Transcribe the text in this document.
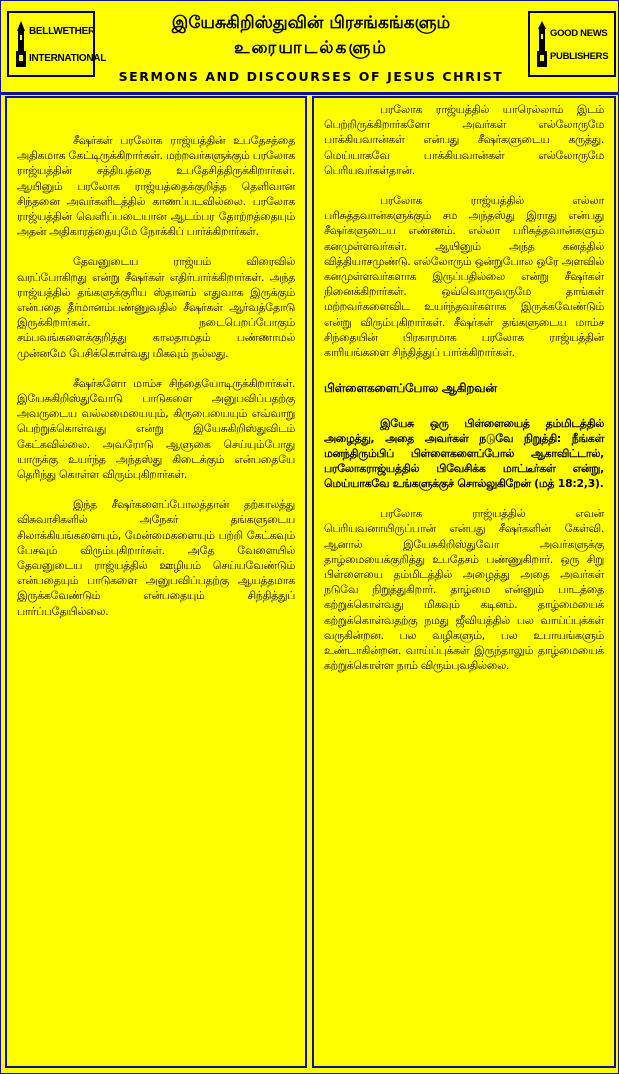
BELLWETHER
INTERNATIONAL
இயேசுகிறிஸ்துவின் பிரசங்கங்களும்
உரையாடல்களும்
SERMONS AND DISCOURSES OF JESUS CHRIST
GOOD NEWS
PUBLISHERS

சீஷர்கள் பரலோக ராஜ்யத்தின் உபதேசத்தை அதிகமாக கேட்டிருக்கிறார்கள். மற்றவர்களுக்கும் பரலோக ராஜ்யத்தின் சத்தியத்தை உபதேசித்திருக்கிறார்கள். ஆயினும் பரலோக ராஜ்யத்தைக்குறித்த தெளிவான சிந்தனை அவர்களிடத்தில் காணப்படவில்லை. பரலோக ராஜ்யத்தின் வெளிப்படையான ஆடம்பர தோற்றத்தையும் அதன் அதிகாரத்தையுமே நோக்கிப் பார்க்கிறார்கள்.

தேவனுடைய ராஜ்யம் விரைவில் வரப்போகிறது என்று சீஷர்கள் எதிர்பார்க்கிறார்கள். அந்த ராஜ்யத்தில் தங்களுக்குரிய ஸ்தானம் எதுவாக இருக்கும் என்பதை தீர்மானம்பண்ணுவதில் சீஷர்கள் ஆர்வத்தோடு இருக்கிறார்கள். நடைபெறப்போகும் சம்பவங்களைக்குறித்து காலதாமதம் பண்ணாமல் முன்னமே பேசிக்கொள்வது மிகவும் நல்லது.

சீஷர்களோ மாம்ச சிந்தையோடிருக்கிறார்கள். இயேசுகிறிஸ்துவோடு பாடுகளை அனுபவிப்பதற்கு அவருடைய வல்லமையையும், கிருபையையும் எவ்வாறு பெற்றுக்கொள்வது என்று இயேசுகிறிஸ்துவிடம் கேட்கவில்லை. அவரோடு ஆளுகை செய்யும்போது யாருக்கு உயர்ந்த அந்தஸ்து கிடைக்கும் என்பதையே தெரிந்து கொள்ள விரும்புகிறார்கள்.

இந்த சீஷர்களைப்போலத்தான் தற்காலத்து விசுவாசிகளில் அநேகர் தங்களுடைய சிலாக்கியங்களையும், மேன்மைகளையும் பற்றி கேட்கவும் பேசவும் விரும்புகிறார்கள். அதே வேளையில் தேவனுடைய ராஜ்யத்தில் ஊழியம் செய்யவேண்டும் என்பதையும் பாடுகளை அனுபவிப்பதற்கு ஆயத்தமாக இருக்கவேண்டும் என்பதையும் சிந்தித்துப் பார்ப்பதேயில்லை.

பரலோக ராஜ்யத்தில் யாரெல்லாம் இடம் பெற்றிருக்கிறார்களோ அவர்கள் எல்லோருமே பாக்கியவான்கள் என்பது சீஷர்களுடைய கருத்து. மெய்யாகவே பாக்கியவான்கள் எல்லோருமே பெரியவர்கள்தான்.

பரலோக ராஜ்யத்தில் எல்லா பரிசுத்தவான்களுக்கும் சம அந்தஸ்து இராது என்பது சீஷர்களுடைய எண்ணம். எல்லா பரிசுத்தவான்களும் கனமுள்ளவர்கள். ஆயினும் அந்த கனத்தில் வித்தியாசமுண்டு. எல்லோரும் ஒன்றுபோல ஒரே அளவில் கனமுள்ளவர்களாக இருப்பதில்லை என்று சீஷர்கள் நினைக்கிறார்கள். ஒவ்வொருவருமே தாங்கள் மற்றவர்களைவிட உயர்ந்தவர்களாக இருக்கவேண்டும் என்று விரும்புகிறார்கள். சீஷர்கள் தங்களுடைய மாம்ச சிந்தையின் பிரகாரமாக பரலோக ராஜ்யத்தின் காரியங்களை சிந்தித்துப் பார்க்கிறார்கள்.

பிள்ளைகளைப்போல ஆகிறவன்

இயேசு ஒரு பிள்ளையைத் தம்மிடத்தில் அழைத்து, அதை அவர்கள் நடுவே நிறுத்தி: நீங்கள் மனந்திரும்பிப் பிள்ளைகளைப்போல் ஆகாவிட்டால், பரலோகராஜ்யத்தில் பிவேசிக்க மாட்டீர்கள் என்று, மெய்யாகவே உங்களுக்குச் சொல்லுகிறேன் (மத் 18:2,3).

பரலோக ராஜ்யத்தில் எவன் பெரியவனாயிருப்பான் என்பது சீஷர்களின் கேள்வி. ஆனால் இயேசுகிறிஸ்துவோ அவர்களுக்கு தாழ்மையைக்குறித்து உபதேசம் பண்ணுகிறார். ஒரு சிறு பிள்ளையை தம்மிடத்தில் அழைத்து அதை அவர்கள் நடுவே நிறுத்துகிறார். தாழ்மை என்னும் பாடத்தை கற்றுக்கொள்வது மிகவும் கடினம். தாழ்மையைக் கற்றுக்கொள்வதற்கு நமது ஜீவியத்தில் பல வாய்ப்புக்கள் வருகின்றன. பல வழிகளும், பல உபாயங்களும் உண்டாகின்றன. வாய்ப்புக்கள் இருந்தாலும் தாழ்மையைக் கற்றுக்கொள்ள நாம் விரும்புவதில்லை.
